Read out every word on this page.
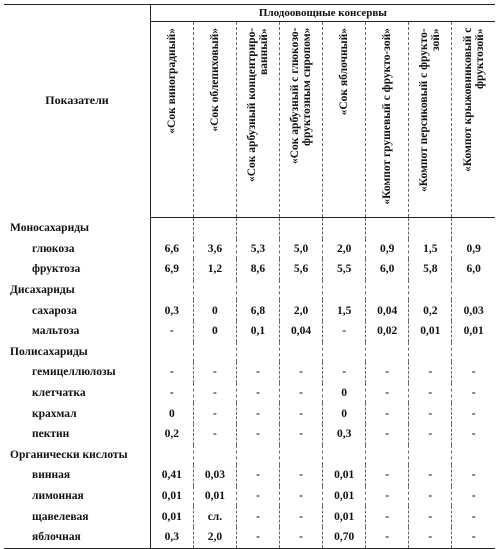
Показатели	Плодоовощные консервы							

	«Сок виноградный»	«Сок облепиховый»	«Сок арбузный концентриро-ванный»	«Сок арбузный с глюкозо-фруктозным сиропом»	«Сок яблочный»	«Компот грушевый с фрукто-зой»	«Компот персиковый с фрукто-зой»	«Компот крыжовниковый с фруктозой»

Моносахариды								
глюкоза	6,6	3,6	5,3	5,0	2,0	0,9	1,5	0,9
фруктоза	6,9	1,2	8,6	5,6	5,5	6,0	5,8	6,0
Дисахариды								
сахароза	0,3	0	6,8	2,0	1,5	0,04	0,2	0,03
мальтоза	-	0	0,1	0,04	-	0,02	0,01	0,01
Полисахариды								
гемицеллюлозы	-	-	-	-	-	-	-	-
клетчатка	-	-	-	-	0	-	-	-
крахмал	0	-	-	-	0	-	-	-
пектин	0,2	-	-	-	0,3	-	-	-
Органически кислоты								
винная	0,41	0,03	-	-	0,01	-	-	-
лимонная	0,01	0,01	-	-	0,01	-	-	-
щавелевая	0,01	сл.	-	-	0,01	-	-	-
яблочная	0,3	2,0	-	-	0,70	-	-	-
